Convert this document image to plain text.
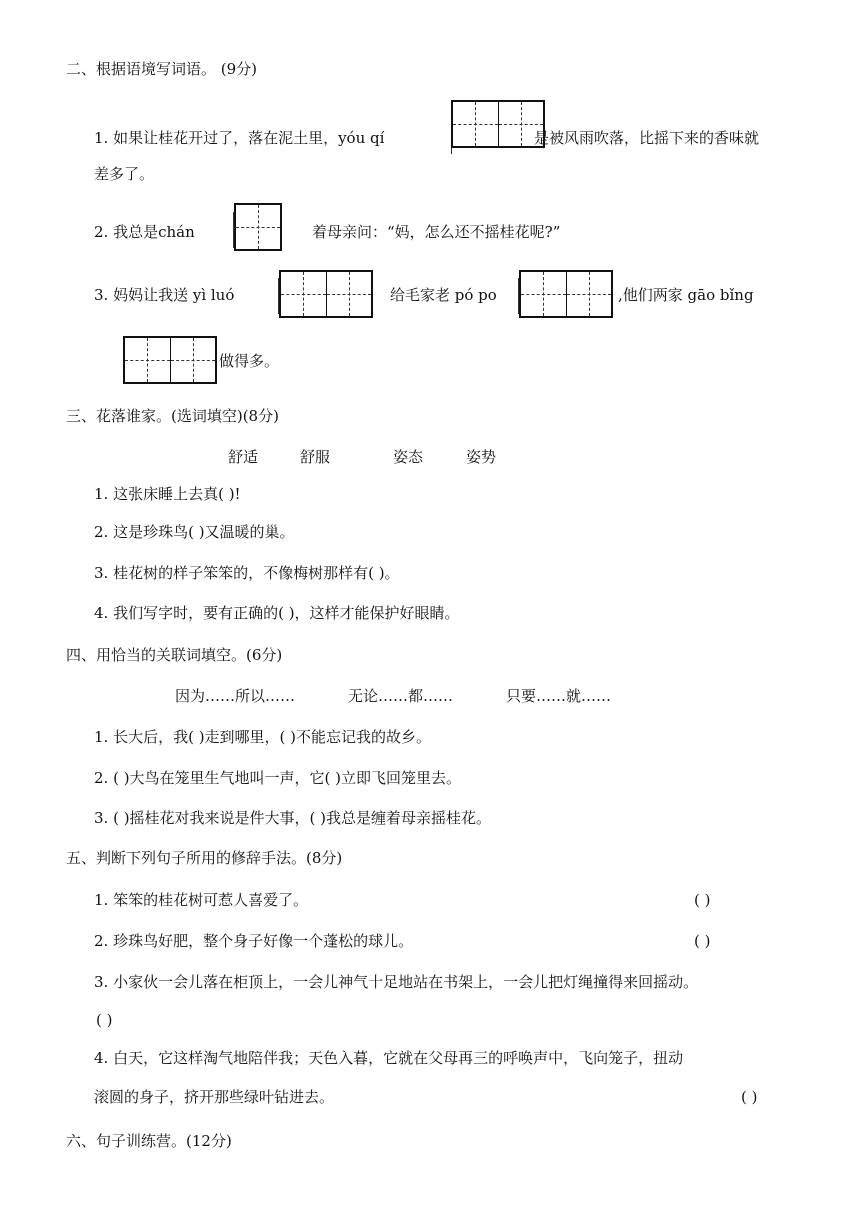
二、根据语境写词语。 (9分)
1. 如果让桂花开过了，落在泥土里，yóu qí	是被风雨吹落，比摇下来的香味就
差多了。
2. 我总是chán	着母亲问：“妈，怎么还不摇桂花呢?”
3. 妈妈让我送 yì luó	给毛家老 pó po	,他们两家 gāo bǐng
做得多。
三、花落谁家。(选词填空)(8分)
舒适	舒服	姿态	姿势
1. 这张床睡上去真( )!
2. 这是珍珠鸟( )又温暖的巢。
3. 桂花树的样子笨笨的，不像梅树那样有( )。
4. 我们写字时，要有正确的( )，这样才能保护好眼睛。
四、用恰当的关联词填空。(6分)
因为……所以……	无论……都……	只要……就……
1. 长大后，我( )走到哪里，( )不能忘记我的故乡。
2. ( )大鸟在笼里生气地叫一声，它( )立即飞回笼里去。
3. ( )摇桂花对我来说是件大事，( )我总是缠着母亲摇桂花。
五、判断下列句子所用的修辞手法。(8分)
1. 笨笨的桂花树可惹人喜爱了。	( )
2. 珍珠鸟好肥，整个身子好像一个蓬松的球儿。	( )
3. 小家伙一会儿落在柜顶上，一会儿神气十足地站在书架上，一会儿把灯绳撞得来回摇动。
( )
4. 白天，它这样淘气地陪伴我；天色入暮，它就在父母再三的呼唤声中，飞向笼子，扭动
滚圆的身子，挤开那些绿叶钻进去。	( )
六、句子训练营。(12分)
